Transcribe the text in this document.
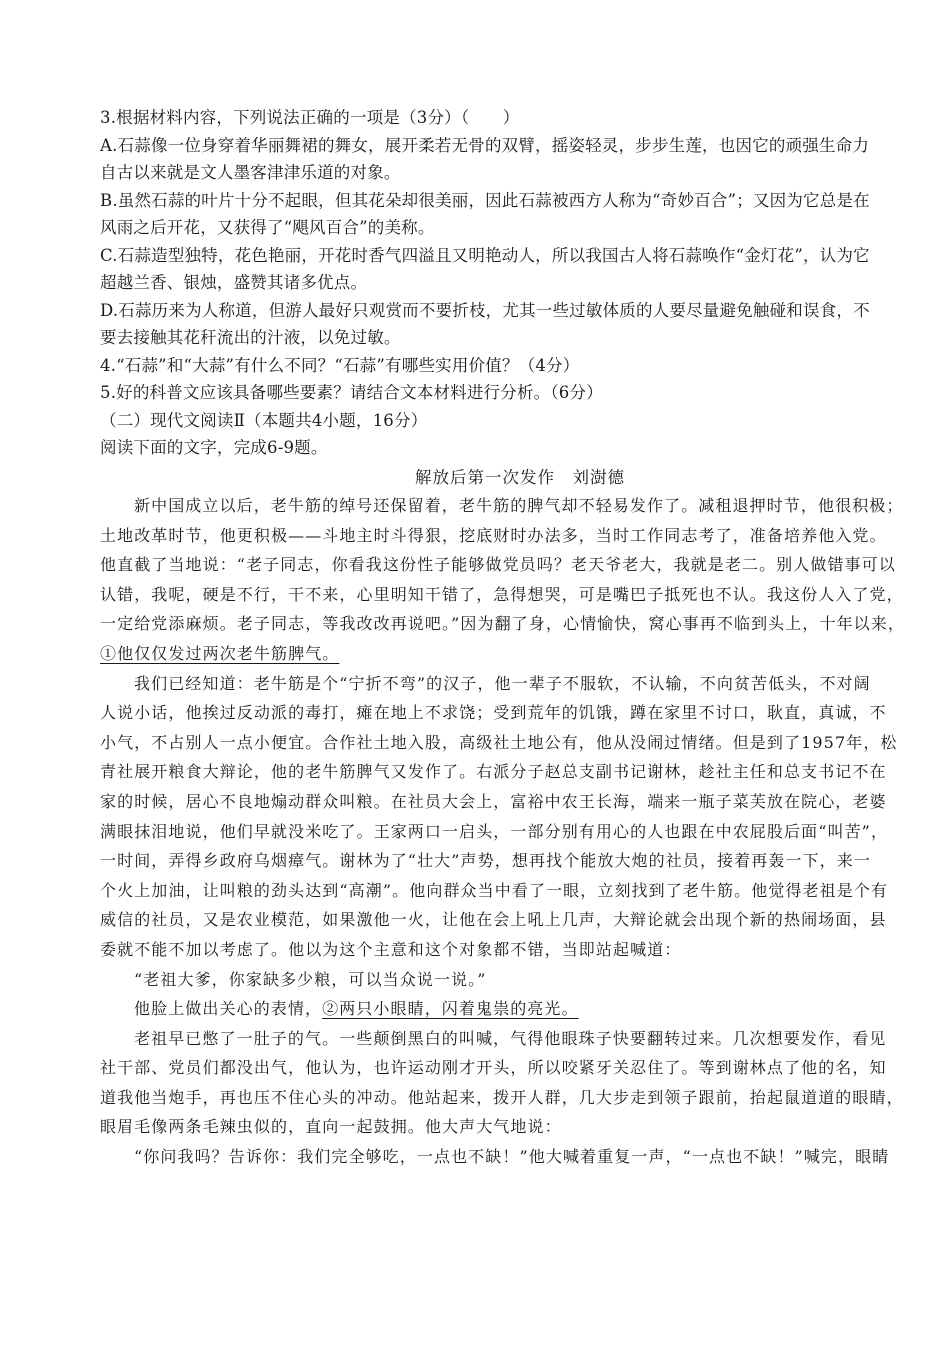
3.根据材料内容，下列说法正确的一项是（3分）（　　）
A.石蒜像一位身穿着华丽舞裙的舞女，展开柔若无骨的双臂，摇姿轻灵，步步生莲，也因它的顽强生命力
自古以来就是文人墨客津津乐道的对象。
B.虽然石蒜的叶片十分不起眼，但其花朵却很美丽，因此石蒜被西方人称为“奇妙百合”；又因为它总是在
风雨之后开花，又获得了“飓风百合”的美称。
C.石蒜造型独特，花色艳丽，开花时香气四溢且又明艳动人，所以我国古人将石蒜唤作“金灯花”，认为它
超越兰香、银烛，盛赞其诸多优点。
D.石蒜历来为人称道，但游人最好只观赏而不要折枝，尤其一些过敏体质的人要尽量避免触碰和误食，不
要去接触其花秆流出的汁液，以免过敏。
4.“石蒜”和“大蒜”有什么不同？“石蒜”有哪些实用价值？（4分）
5.好的科普文应该具备哪些要素？请结合文本材料进行分析。（6分）
（二）现代文阅读Ⅱ（本题共4小题，16分）
阅读下面的文字，完成6-9题。
解放后第一次发作　刘澍德
新中国成立以后，老牛筋的绰号还保留着，老牛筋的脾气却不轻易发作了。减租退押时节，他很积极；
土地改革时节，他更积极——斗地主时斗得狠，挖底财时办法多，当时工作同志考了，准备培养他入党。
他直截了当地说：“老子同志，你看我这份性子能够做党员吗？老天爷老大，我就是老二。别人做错事可以
认错，我呢，硬是不行，干不来，心里明知干错了，急得想哭，可是嘴巴子抵死也不认。我这份人入了党，
一定给党添麻烦。老子同志，等我改改再说吧。”因为翻了身，心情愉快，窝心事再不临到头上，十年以来，
①他仅仅发过两次老牛筋脾气。
我们已经知道：老牛筋是个“宁折不弯”的汉子，他一辈子不服软，不认输，不向贫苦低头，不对阔
人说小话，他挨过反动派的毒打，瘫在地上不求饶；受到荒年的饥饿，蹲在家里不讨口，耿直，真诚，不
小气，不占别人一点小便宜。合作社土地入股，高级社土地公有，他从没闹过情绪。但是到了1957年，松
青社展开粮食大辩论，他的老牛筋脾气又发作了。右派分子赵总支副书记谢林，趁社主任和总支书记不在
家的时候，居心不良地煽动群众叫粮。在社员大会上，富裕中农王长海，端来一瓶子菜芙放在院心，老婆
满眼抹泪地说，他们早就没米吃了。王家两口一启头，一部分别有用心的人也跟在中农屁股后面“叫苦”，
一时间，弄得乡政府乌烟瘴气。谢林为了“壮大”声势，想再找个能放大炮的社员，接着再轰一下，来一
个火上加油，让叫粮的劲头达到“高潮”。他向群众当中看了一眼，立刻找到了老牛筋。他觉得老祖是个有
威信的社员，又是农业模范，如果激他一火，让他在会上吼上几声，大辩论就会出现个新的热闹场面，县
委就不能不加以考虑了。他以为这个主意和这个对象都不错，当即站起喊道：
“老祖大爹，你家缺多少粮，可以当众说一说。”
他脸上做出关心的表情，②两只小眼睛，闪着鬼祟的亮光。
老祖早已憋了一肚子的气。一些颠倒黑白的叫喊，气得他眼珠子快要翻转过来。几次想要发作，看见
社干部、党员们都没出气，他认为，也许运动刚才开头，所以咬紧牙关忍住了。等到谢林点了他的名，知
道我他当炮手，再也压不住心头的冲动。他站起来，拨开人群，几大步走到领子跟前，抬起鼠道道的眼睛，
眼眉毛像两条毛辣虫似的，直向一起鼓拥。他大声大气地说：
“你问我吗？告诉你：我们完全够吃，一点也不缺！”他大喊着重复一声，“一点也不缺！”喊完，眼睛
